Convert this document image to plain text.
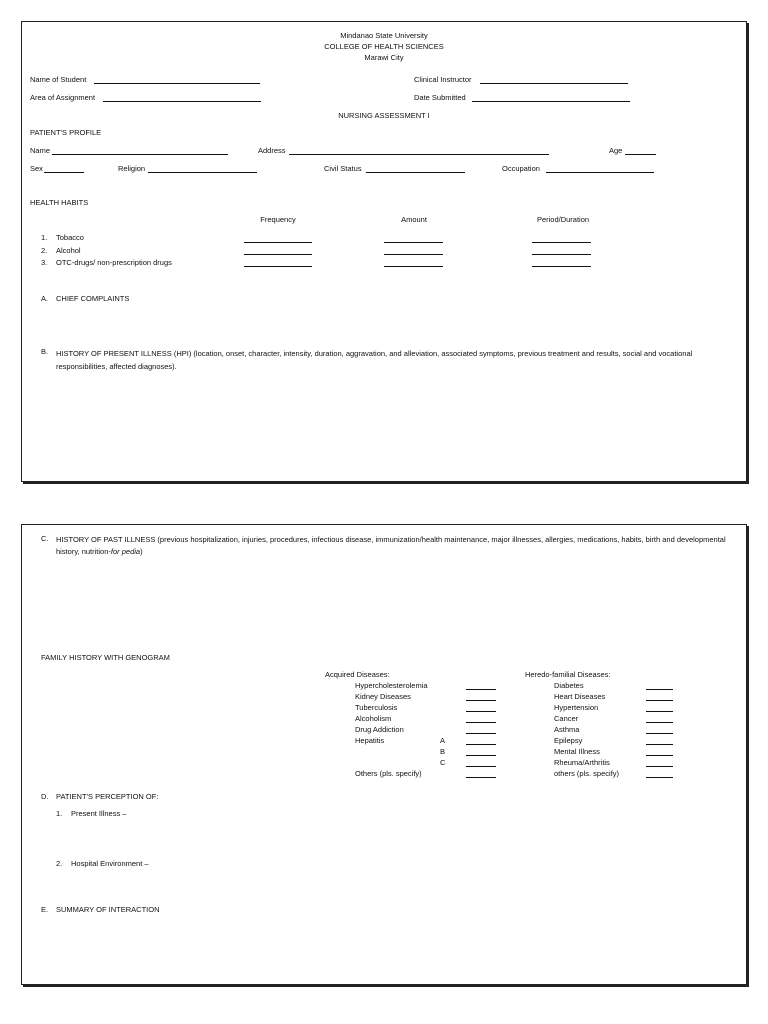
Mindanao State University
COLLEGE OF HEALTH SCIENCES
Marawi City
Name of Student	Clinical Instructor
Area of Assignment	Date Submitted
NURSING ASSESSMENT I
PATIENT'S PROFILE
Name	Address	Age
Sex	Religion	Civil Status	Occupation
HEALTH HABITS
Frequency	Amount	Period/Duration
1. Tobacco
2. Alcohol
3. OTC-drugs/ non-prescription drugs
A. CHIEF COMPLAINTS
B. HISTORY OF PRESENT ILLNESS (HPI) (location, onset, character, intensity, duration, aggravation, and alleviation, associated symptoms, previous treatment and results, social and vocational responsibilities, affected diagnoses).
C. HISTORY OF PAST ILLNESS (previous hospitalization, injuries, procedures, infectious disease, immunization/health maintenance, major illnesses, allergies, medications, habits, birth and developmental history, nutrition-for pedia)
FAMILY HISTORY WITH GENOGRAM
Acquired Diseases:
Hypercholesterolemia
Kidney Diseases
Tuberculosis
Alcoholism
Drug Addiction
Hepatitis	A
B
C
Others (pls. specify)
Heredo-familial Diseases:
Diabetes
Heart Diseases
Hypertension
Cancer
Asthma
Epilepsy
Mental Illness
Rheuma/Arthritis
others (pls. specify)
D. PATIENT'S PERCEPTION OF:
1. Present Illness –
2. Hospital Environment –
E. SUMMARY OF INTERACTION
